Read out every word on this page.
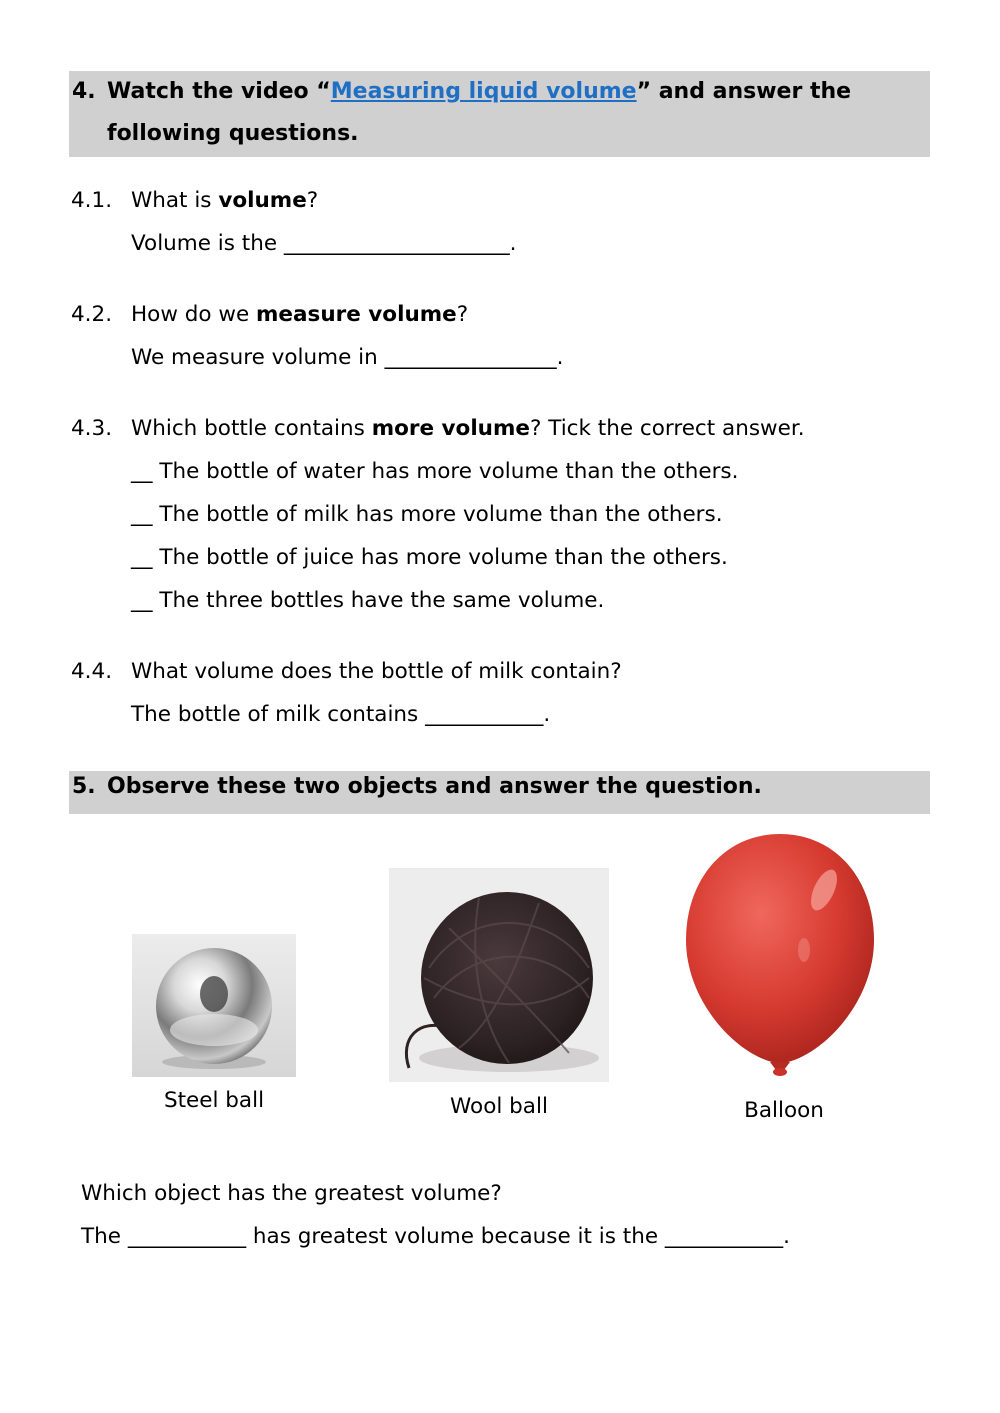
4. Watch the video “Measuring liquid volume” and answer the
following questions.
4.1. What is volume?
Volume is the _____________________.
4.2. How do we measure volume?
We measure volume in ________________.
4.3. Which bottle contains more volume? Tick the correct answer.
__ The bottle of water has more volume than the others.
__ The bottle of milk has more volume than the others.
__ The bottle of juice has more volume than the others.
__ The three bottles have the same volume.
4.4. What volume does the bottle of milk contain?
The bottle of milk contains ___________.
5. Observe these two objects and answer the question.
Steel ball	Wool ball	Balloon
Which object has the greatest volume?
The ___________ has greatest volume because it is the ___________.
